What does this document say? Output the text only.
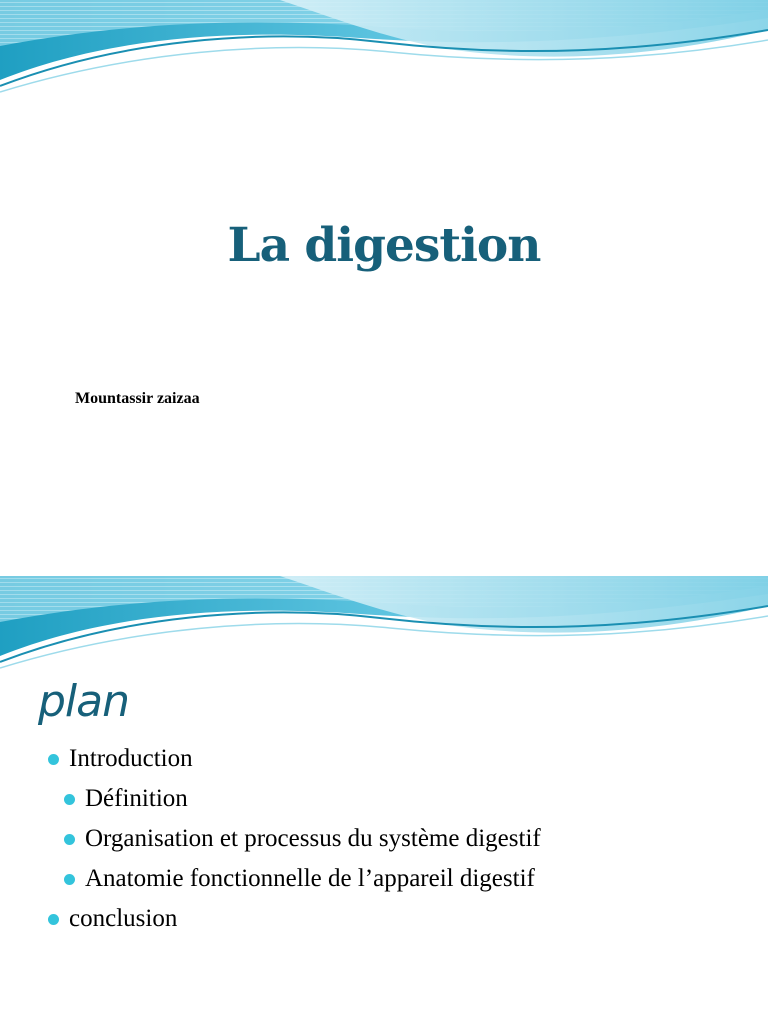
La digestion
Mountassir zaizaa
plan
Introduction
Définition
Organisation et processus du système digestif
Anatomie fonctionnelle de l’appareil digestif
conclusion
